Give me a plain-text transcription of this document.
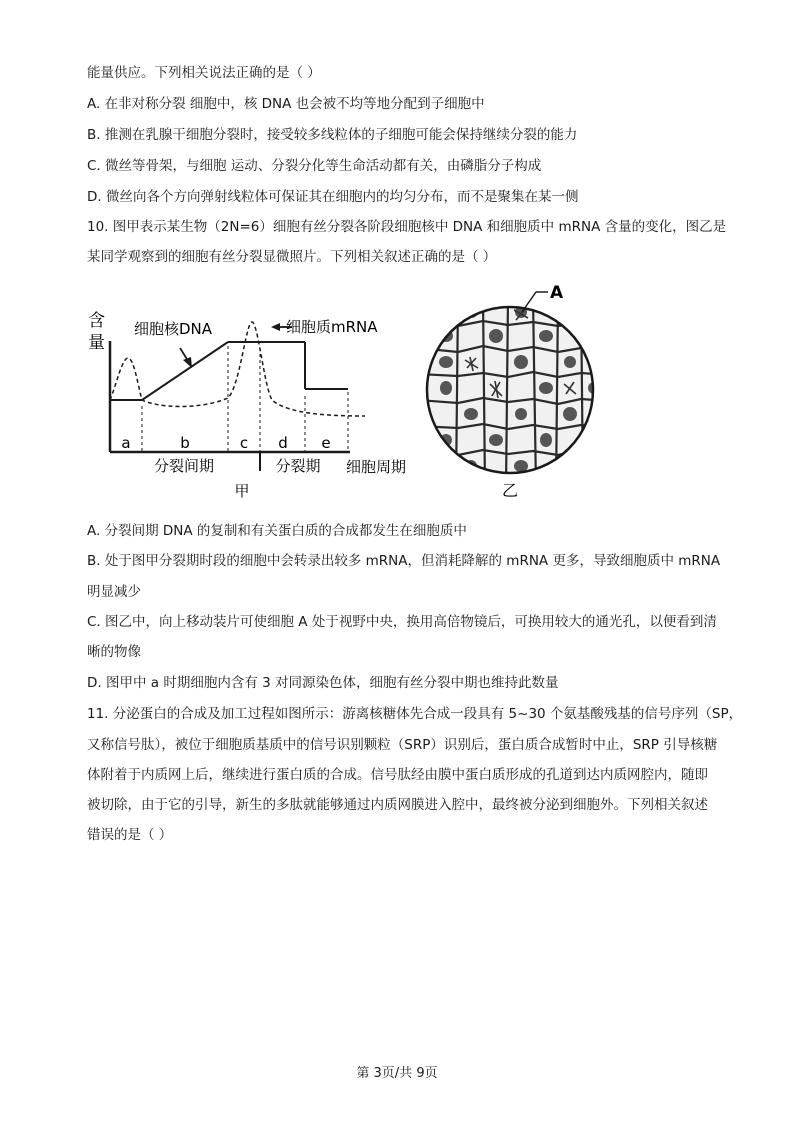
能量供应。下列相关说法正确的是（ ）
A. 在非对称分裂 细胞中，核 DNA 也会被不均等地分配到子细胞中
B. 推测在乳腺干细胞分裂时，接受较多线粒体的子细胞可能会保持继续分裂的能力
C. 微丝等骨架，与细胞 运动、分裂分化等生命活动都有关，由磷脂分子构成
D. 微丝向各个方向弹射线粒体可保证其在细胞内的均匀分布，而不是聚集在某一侧
10. 图甲表示某生物（2N=6）细胞有丝分裂各阶段细胞核中 DNA 和细胞质中 mRNA 含量的变化，图乙是
某同学观察到的细胞有丝分裂显微照片。下列相关叙述正确的是（ ）
含
量
细胞核DNA	细胞质mRNA
a	b	c d e
分裂间期	分裂期 细胞周期
甲
A
乙
A. 分裂间期 DNA 的复制和有关蛋白质的合成都发生在细胞质中
B. 处于图甲分裂期时段的细胞中会转录出较多 mRNA，但消耗降解的 mRNA 更多，导致细胞质中 mRNA
明显减少
C. 图乙中，向上移动装片可使细胞 A 处于视野中央，换用高倍物镜后，可换用较大的通光孔，以便看到清
晰的物像
D. 图甲中 a 时期细胞内含有 3 对同源染色体，细胞有丝分裂中期也维持此数量
11. 分泌蛋白的合成及加工过程如图所示：游离核糖体先合成一段具有 5~30 个氨基酸残基的信号序列（SP，
又称信号肽），被位于细胞质基质中的信号识别颗粒（SRP）识别后，蛋白质合成暂时中止，SRP 引导核糖
体附着于内质网上后，继续进行蛋白质的合成。信号肽经由膜中蛋白质形成的孔道到达内质网腔内，随即
被切除，由于它的引导，新生的多肽就能够通过内质网膜进入腔中，最终被分泌到细胞外。下列相关叙述
错误的是（ ）
第 3页/共 9页
